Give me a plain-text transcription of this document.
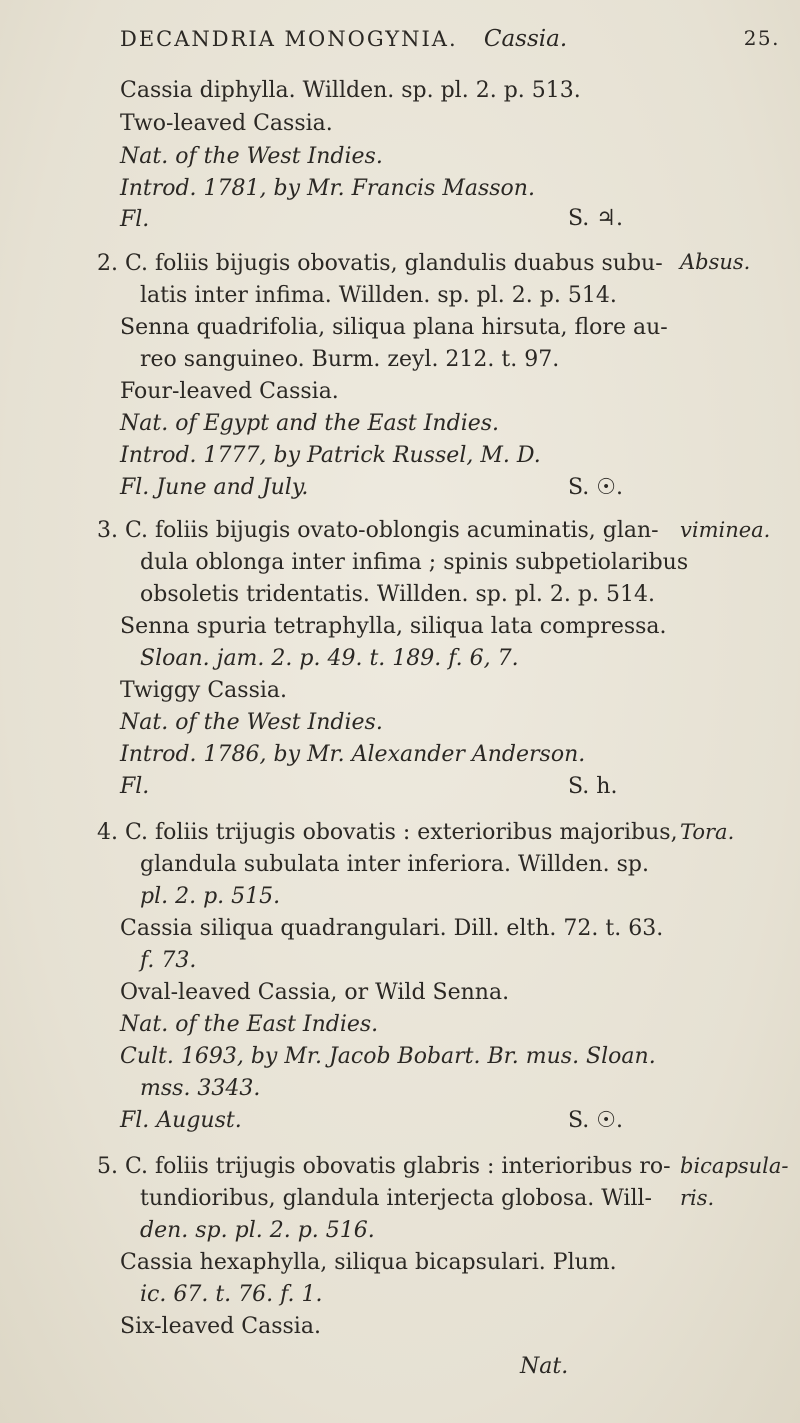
DECANDRIA MONOGYNIA. Cassia.	25.
Cassia diphylla. Willden. sp. pl. 2. p. 513.
Two-leaved Cassia.
Nat. of the West Indies.
Introd. 1781, by Mr. Francis Masson.
Fl.	S. ♃.
2. C. foliis bijugis obovatis, glandulis duabus subu-
latis inter infima. Willden. sp. pl. 2. p. 514.
Senna quadrifolia, siliqua plana hirsuta, flore au-
reo sanguineo. Burm. zeyl. 212. t. 97.
Four-leaved Cassia.
Nat. of Egypt and the East Indies.
Introd. 1777, by Patrick Russel, M. D.
Fl. June and July.	S. ☉.
Absus.
3. C. foliis bijugis ovato-oblongis acuminatis, glan-
dula oblonga inter infima ; spinis subpetiolaribus
obsoletis tridentatis. Willden. sp. pl. 2. p. 514.
Senna spuria tetraphylla, siliqua lata compressa.
Sloan. jam. 2. p. 49. t. 189. f. 6, 7.
Twiggy Cassia.
Nat. of the West Indies.
Introd. 1786, by Mr. Alexander Anderson.
Fl.	S. h.
viminea.
4. C. foliis trijugis obovatis : exterioribus majoribus,
glandula subulata inter inferiora. Willden. sp.
pl. 2. p. 515.
Cassia siliqua quadrangulari. Dill. elth. 72. t. 63.
f. 73.
Oval-leaved Cassia, or Wild Senna.
Nat. of the East Indies.
Cult. 1693, by Mr. Jacob Bobart. Br. mus. Sloan.
mss. 3343.
Fl. August.	S. ☉.
Tora.
5. C. foliis trijugis obovatis glabris : interioribus ro-
tundioribus, glandula interjecta globosa. Will-
den. sp. pl. 2. p. 516.
Cassia hexaphylla, siliqua bicapsulari. Plum.
ic. 67. t. 76. f. 1.
Six-leaved Cassia.
bicapsula-
ris.
Nat.
